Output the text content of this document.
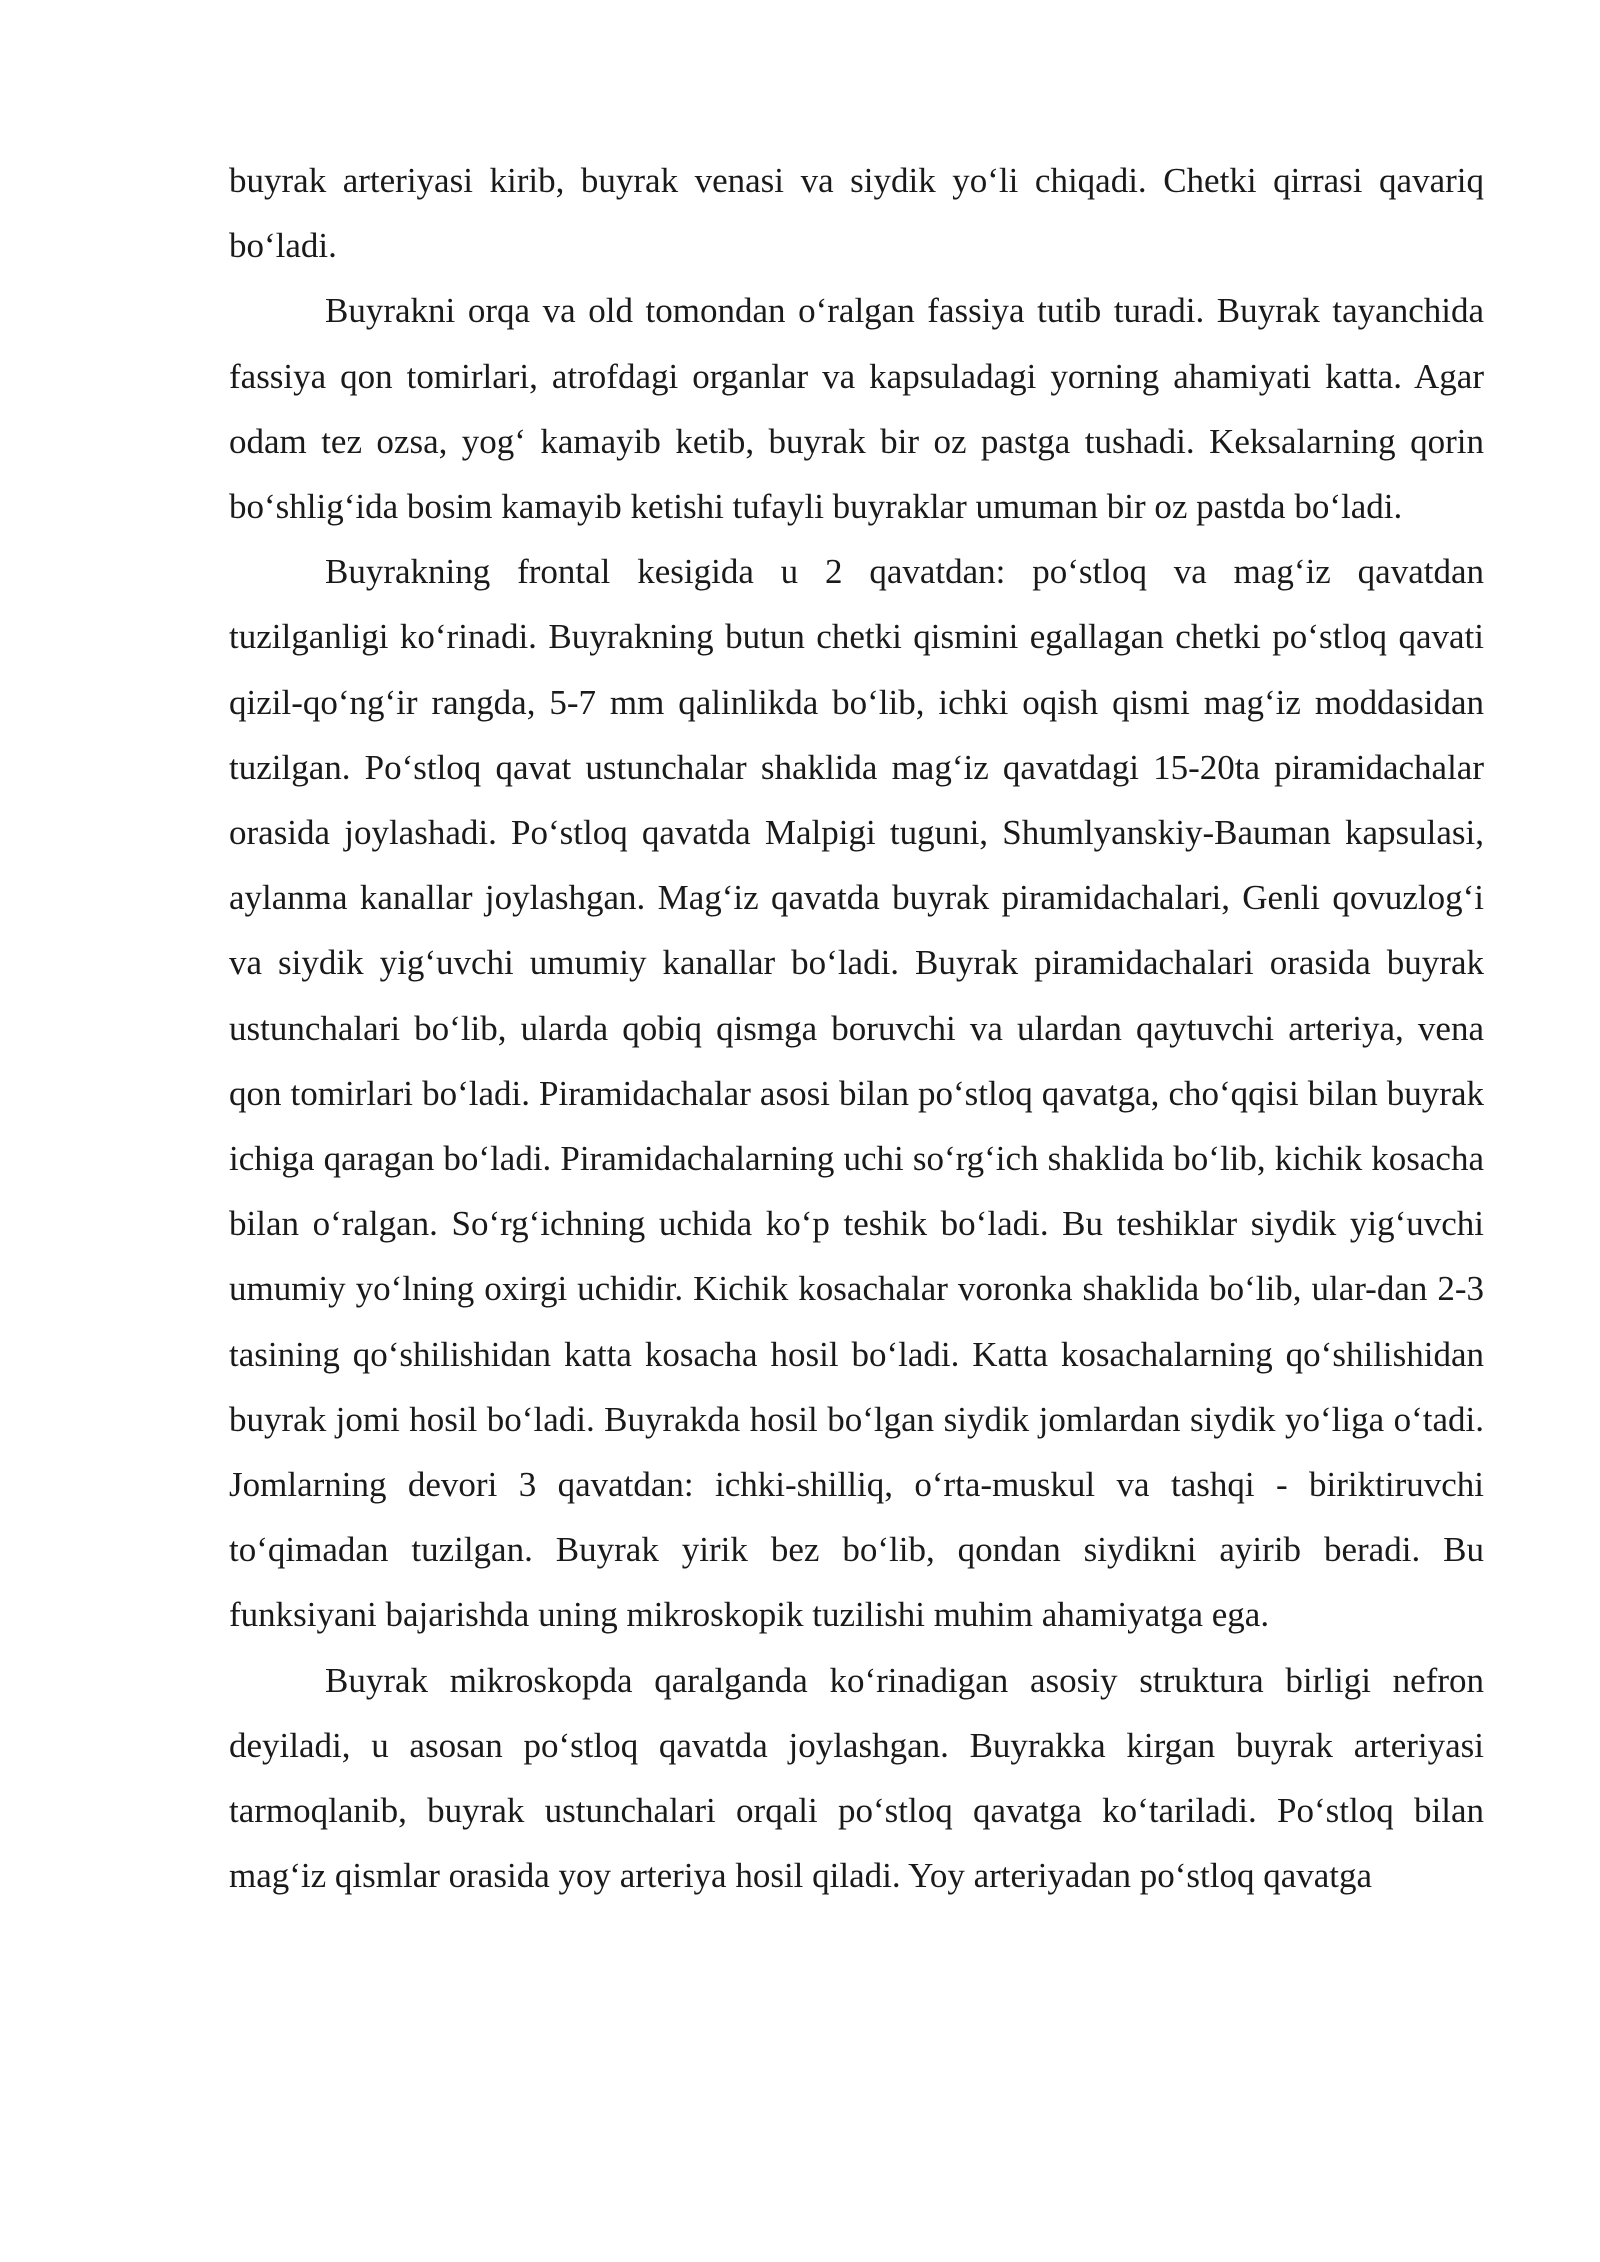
buyrak arteriyasi kirib, buyrak venasi va siydik yo‘li chiqadi. Chetki qirrasi qavariq bo‘ladi.

Buyrakni orqa va old tomondan o‘ralgan fassiya tutib turadi. Buyrak tayanchida fassiya qon tomirlari, atrofdagi organlar va kapsuladagi yorning ahamiyati katta. Agar odam tez ozsa, yog‘ kamayib ketib, buyrak bir oz pastga tushadi. Keksalarning qorin bo‘shlig‘ida bosim kamayib ketishi tufayli buyraklar umuman bir oz pastda bo‘ladi.

Buyrakning frontal kesigida u 2 qavatdan: po‘stloq va mag‘iz qavatdan tuzilganligi ko‘rinadi. Buyrakning butun chetki qismini egallagan chetki po‘stloq qavati qizil-qo‘ng‘ir rangda, 5-7 mm qalinlikda bo‘lib, ichki oqish qismi mag‘iz moddasidan tuzilgan. Po‘stloq qavat ustunchalar shaklida mag‘iz qavatdagi 15-20ta piramidachalar orasida joylashadi. Po‘stloq qavatda Malpigi tuguni, Shumlyanskiy-Bauman kapsulasi, aylanma kanallar joylashgan. Mag‘iz qavatda buyrak piramidachalari, Genli qovuzlog‘i va siydik yig‘uvchi umumiy kanallar bo‘ladi. Buyrak piramidachalari orasida buyrak ustunchalari bo‘lib, ularda qobiq qismga boruvchi va ulardan qaytuvchi arteriya, vena qon tomirlari bo‘ladi. Piramidachalar asosi bilan po‘stloq qavatga, cho‘qqisi bilan buyrak ichiga qaragan bo‘ladi. Piramidachalarning uchi so‘rg‘ich shaklida bo‘lib, kichik kosacha bilan o‘ralgan. So‘rg‘ichning uchida ko‘p teshik bo‘ladi. Bu teshiklar siydik yig‘uvchi umumiy yo‘lning oxirgi uchidir. Kichik kosachalar voronka shaklida bo‘lib, ular-dan 2-3 tasining qo‘shilishidan katta kosacha hosil bo‘ladi. Katta kosachalarning qo‘shilishidan buyrak jomi hosil bo‘ladi. Buyrakda hosil bo‘lgan siydik jomlardan siydik yo‘liga o‘tadi. Jomlarning devori 3 qavatdan: ichki-shilliq, o‘rta-muskul va tashqi - biriktiruvchi to‘qimadan tuzilgan. Buyrak yirik bez bo‘lib, qondan siydikni ayirib beradi. Bu funksiyani bajarishda uning mikroskopik tuzilishi muhim ahamiyatga ega.

Buyrak mikroskopda qaralganda ko‘rinadigan asosiy struktura birligi nefron deyiladi, u asosan po‘stloq qavatda joylashgan. Buyrakka kirgan buyrak arteriyasi tarmoqlanib, buyrak ustunchalari orqali po‘stloq qavatga ko‘tariladi. Po‘stloq bilan mag‘iz qismlar orasida yoy arteriya hosil qiladi. Yoy arteriyadan po‘stloq qavatga
